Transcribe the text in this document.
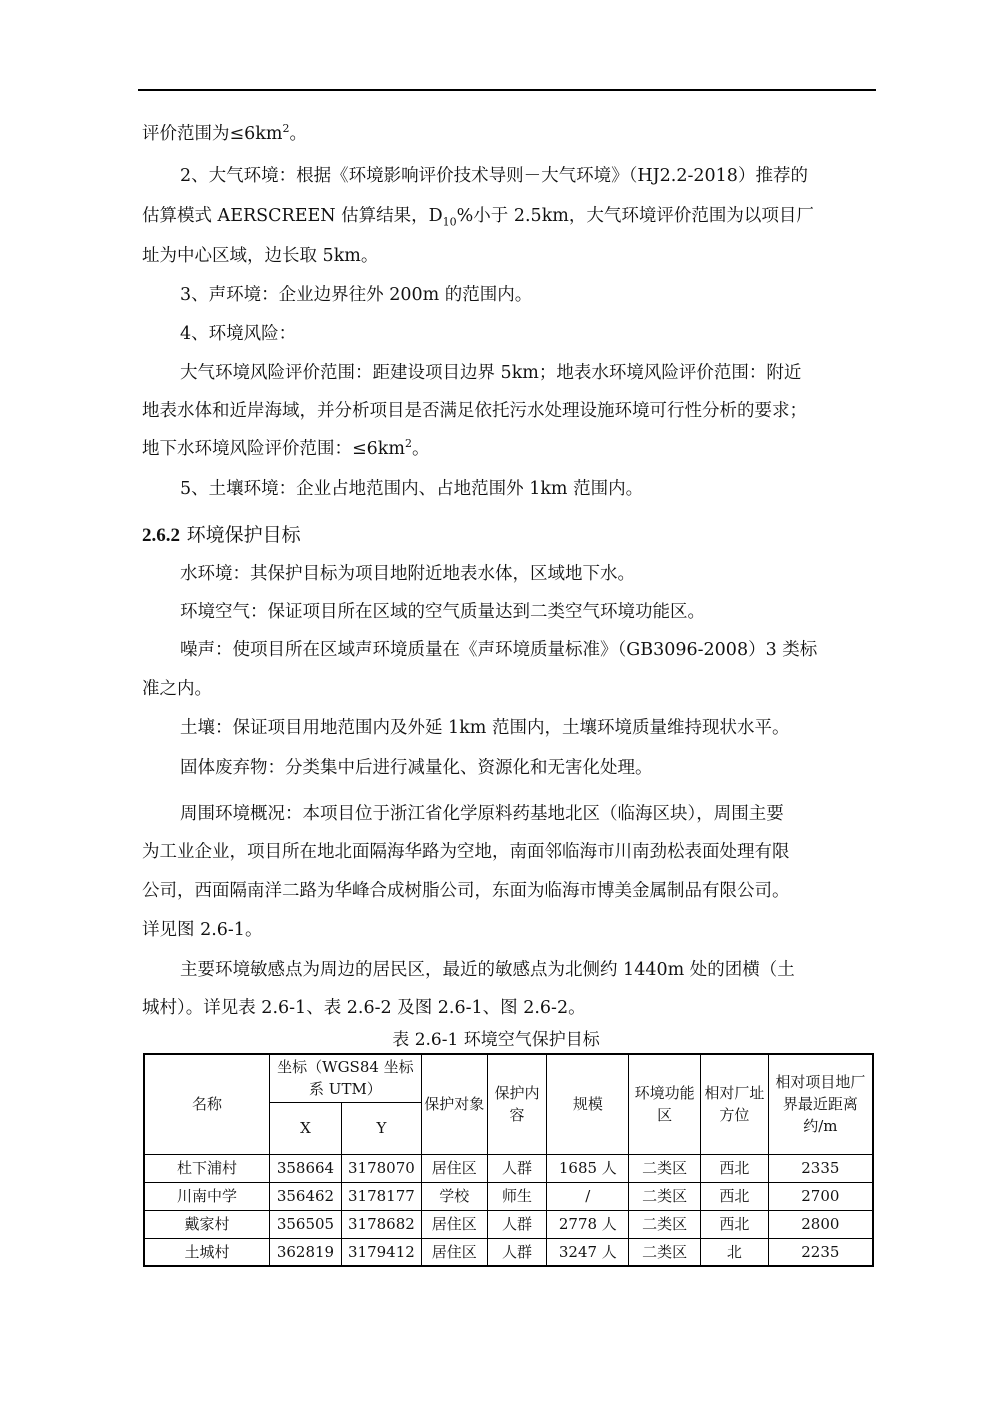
评价范围为$\le 6km^2$。
2、大气环境：根据《环境影响评价技术导则－大气环境》（HJ2.2-2018）推荐的
估算模式 AERSCREEN 估算结果，$D_{10}\%$小于 2.5km，大气环境评价范围为以项目厂
址为中心区域，边长取 5km。
3、声环境：企业边界往外 200m 的范围内。
4、环境风险：
大气环境风险评价范围：距建设项目边界 5km；地表水环境风险评价范围：附近
地表水体和近岸海域，并分析项目是否满足依托污水处理设施环境可行性分析的要求；
地下水环境风险评价范围：$\le 6km^2$。
5、土壤环境：企业占地范围内、占地范围外 1km 范围内。
2.6.2 环境保护目标
水环境：其保护目标为项目地附近地表水体，区域地下水。
环境空气：保证项目所在区域的空气质量达到二类空气环境功能区。
噪声：使项目所在区域声环境质量在《声环境质量标准》（GB3096-2008）3 类标
准之内。
土壤：保证项目用地范围内及外延 1km 范围内，土壤环境质量维持现状水平。
固体废弃物：分类集中后进行减量化、资源化和无害化处理。
周围环境概况：本项目位于浙江省化学原料药基地北区（临海区块），周围主要
为工业企业，项目所在地北面隔海华路为空地，南面邻临海市川南劲松表面处理有限
公司，西面隔南洋二路为华峰合成树脂公司，东面为临海市博美金属制品有限公司。
详见图 2.6-1。
主要环境敏感点为周边的居民区，最近的敏感点为北侧约 1440m 处的团横（土
城村）。详见表 2.6-1、表 2.6-2 及图 2.6-1、图 2.6-2。
表 2.6-1 环境空气保护目标
名称	坐标（WGS84 坐标系 UTM）		保护对象	保护内容	规模	环境功能区	相对厂址方位	相对项目地厂界最近距离约/m
	X	Y						
杜下浦村	358664	3178070	居住区	人群	1685 人	二类区	西北	2335
川南中学	356462	3178177	学校	师生	/	二类区	西北	2700
戴家村	356505	3178682	居住区	人群	2778 人	二类区	西北	2800
土城村	362819	3179412	居住区	人群	3247 人	二类区	北	2235
